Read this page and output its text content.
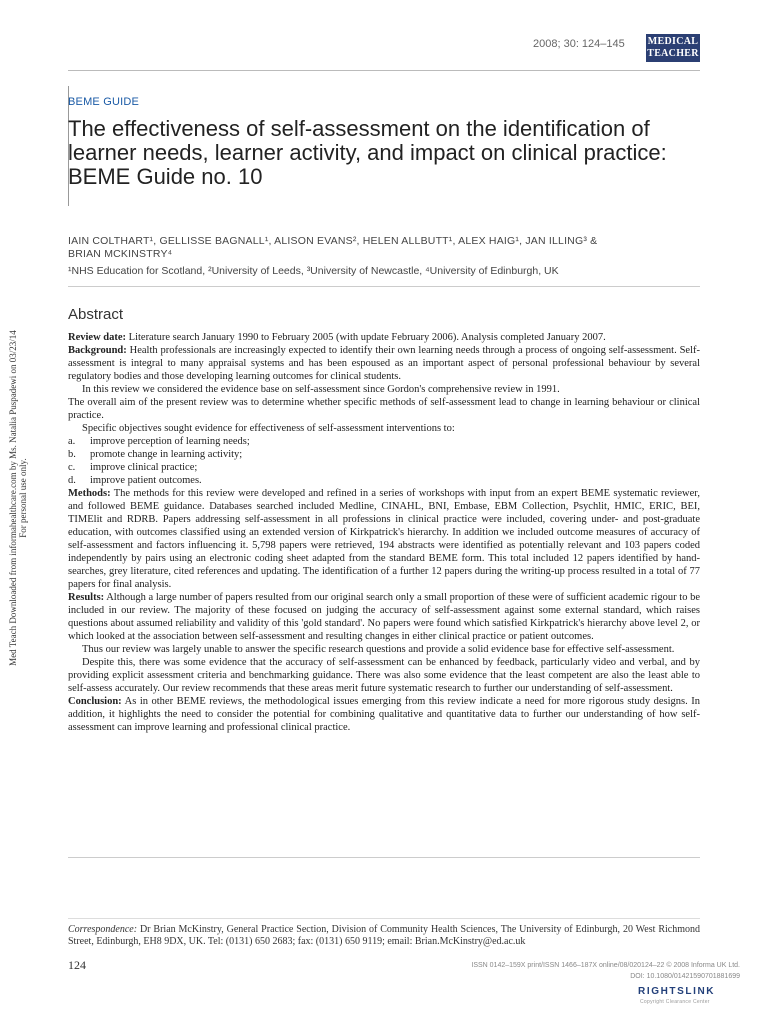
2008; 30: 124–145 MEDICAL
TEACHER
BEME GUIDE
The effectiveness of self-assessment on the identification of learner needs, learner activity, and impact on clinical practice: BEME Guide no. 10
IAIN COLTHART¹, GELLISSE BAGNALL¹, ALISON EVANS², HELEN ALLBUTT¹, ALEX HAIG¹, JAN ILLING³ &
BRIAN MCKINSTRY⁴
¹NHS Education for Scotland, ²University of Leeds, ³University of Newcastle, ⁴University of Edinburgh, UK
Abstract

Review date: Literature search January 1990 to February 2005 (with update February 2006). Analysis completed January 2007.

Background: Health professionals are increasingly expected to identify their own learning needs through a process of ongoing self-assessment. Self-assessment is integral to many appraisal systems and has been espoused as an important aspect of personal professional behaviour by several regulatory bodies and those developing learning outcomes for clinical students.

In this review we considered the evidence base on self-assessment since Gordon's comprehensive review in 1991.

The overall aim of the present review was to determine whether specific methods of self-assessment lead to change in learning behaviour or clinical practice.

Specific objectives sought evidence for effectiveness of self-assessment interventions to:

a.	improve perception of learning needs;
b.	promote change in learning activity;
c.	improve clinical practice;
d.	improve patient outcomes.

Methods: The methods for this review were developed and refined in a series of workshops with input from an expert BEME systematic reviewer, and followed BEME guidance. Databases searched included Medline, CINAHL, BNI, Embase, EBM Collection, Psychlit, HMIC, ERIC, BEI, TIMElit and RDRB. Papers addressing self-assessment in all professions in clinical practice were included, covering under- and post-graduate education, with outcomes classified using an extended version of Kirkpatrick's hierarchy. In addition we included outcome measures of accuracy of self-assessment and factors influencing it. 5,798 papers were retrieved, 194 abstracts were identified as potentially relevant and 103 papers coded independently by pairs using an electronic coding sheet adapted from the standard BEME form. This total included 12 papers identified by hand-searches, grey literature, cited references and updating. The identification of a further 12 papers during the writing-up process resulted in a total of 77 papers for final analysis.

Results: Although a large number of papers resulted from our original search only a small proportion of these were of sufficient academic rigour to be included in our review. The majority of these focused on judging the accuracy of self-assessment against some external standard, which raises questions about assumed reliability and validity of this 'gold standard'. No papers were found which satisfied Kirkpatrick's hierarchy above level 2, or which looked at the association between self-assessment and resulting changes in either clinical practice or patient outcomes.

Thus our review was largely unable to answer the specific research questions and provide a solid evidence base for effective self-assessment.

Despite this, there was some evidence that the accuracy of self-assessment can be enhanced by feedback, particularly video and verbal, and by providing explicit assessment criteria and benchmarking guidance. There was also some evidence that the least competent are also the least able to self-assess accurately. Our review recommends that these areas merit future systematic research to further our understanding of self-assessment.

Conclusion: As in other BEME reviews, the methodological issues emerging from this review indicate a need for more rigorous study designs. In addition, it highlights the need to consider the potential for combining qualitative and quantitative data to further our understanding of how self-assessment can improve learning and professional clinical practice.

Correspondence: Dr Brian McKinstry, General Practice Section, Division of Community Health Sciences, The University of Edinburgh, 20 West Richmond Street, Edinburgh, EH8 9DX, UK. Tel: (0131) 650 2683; fax: (0131) 650 9119; email: Brian.McKinstry@ed.ac.uk
124	ISSN 0142–159X print/ISSN 1466–187X online/08/020124–22 © 2008 Informa UK Ltd.
DOI: 10.1080/01421590701881699
RIGHTSLINK
Copyright Clearance Center
Med Teach Downloaded from informahealthcare.com by Ms. Natalia Puspadewi on 03/23/14 For personal use only.
